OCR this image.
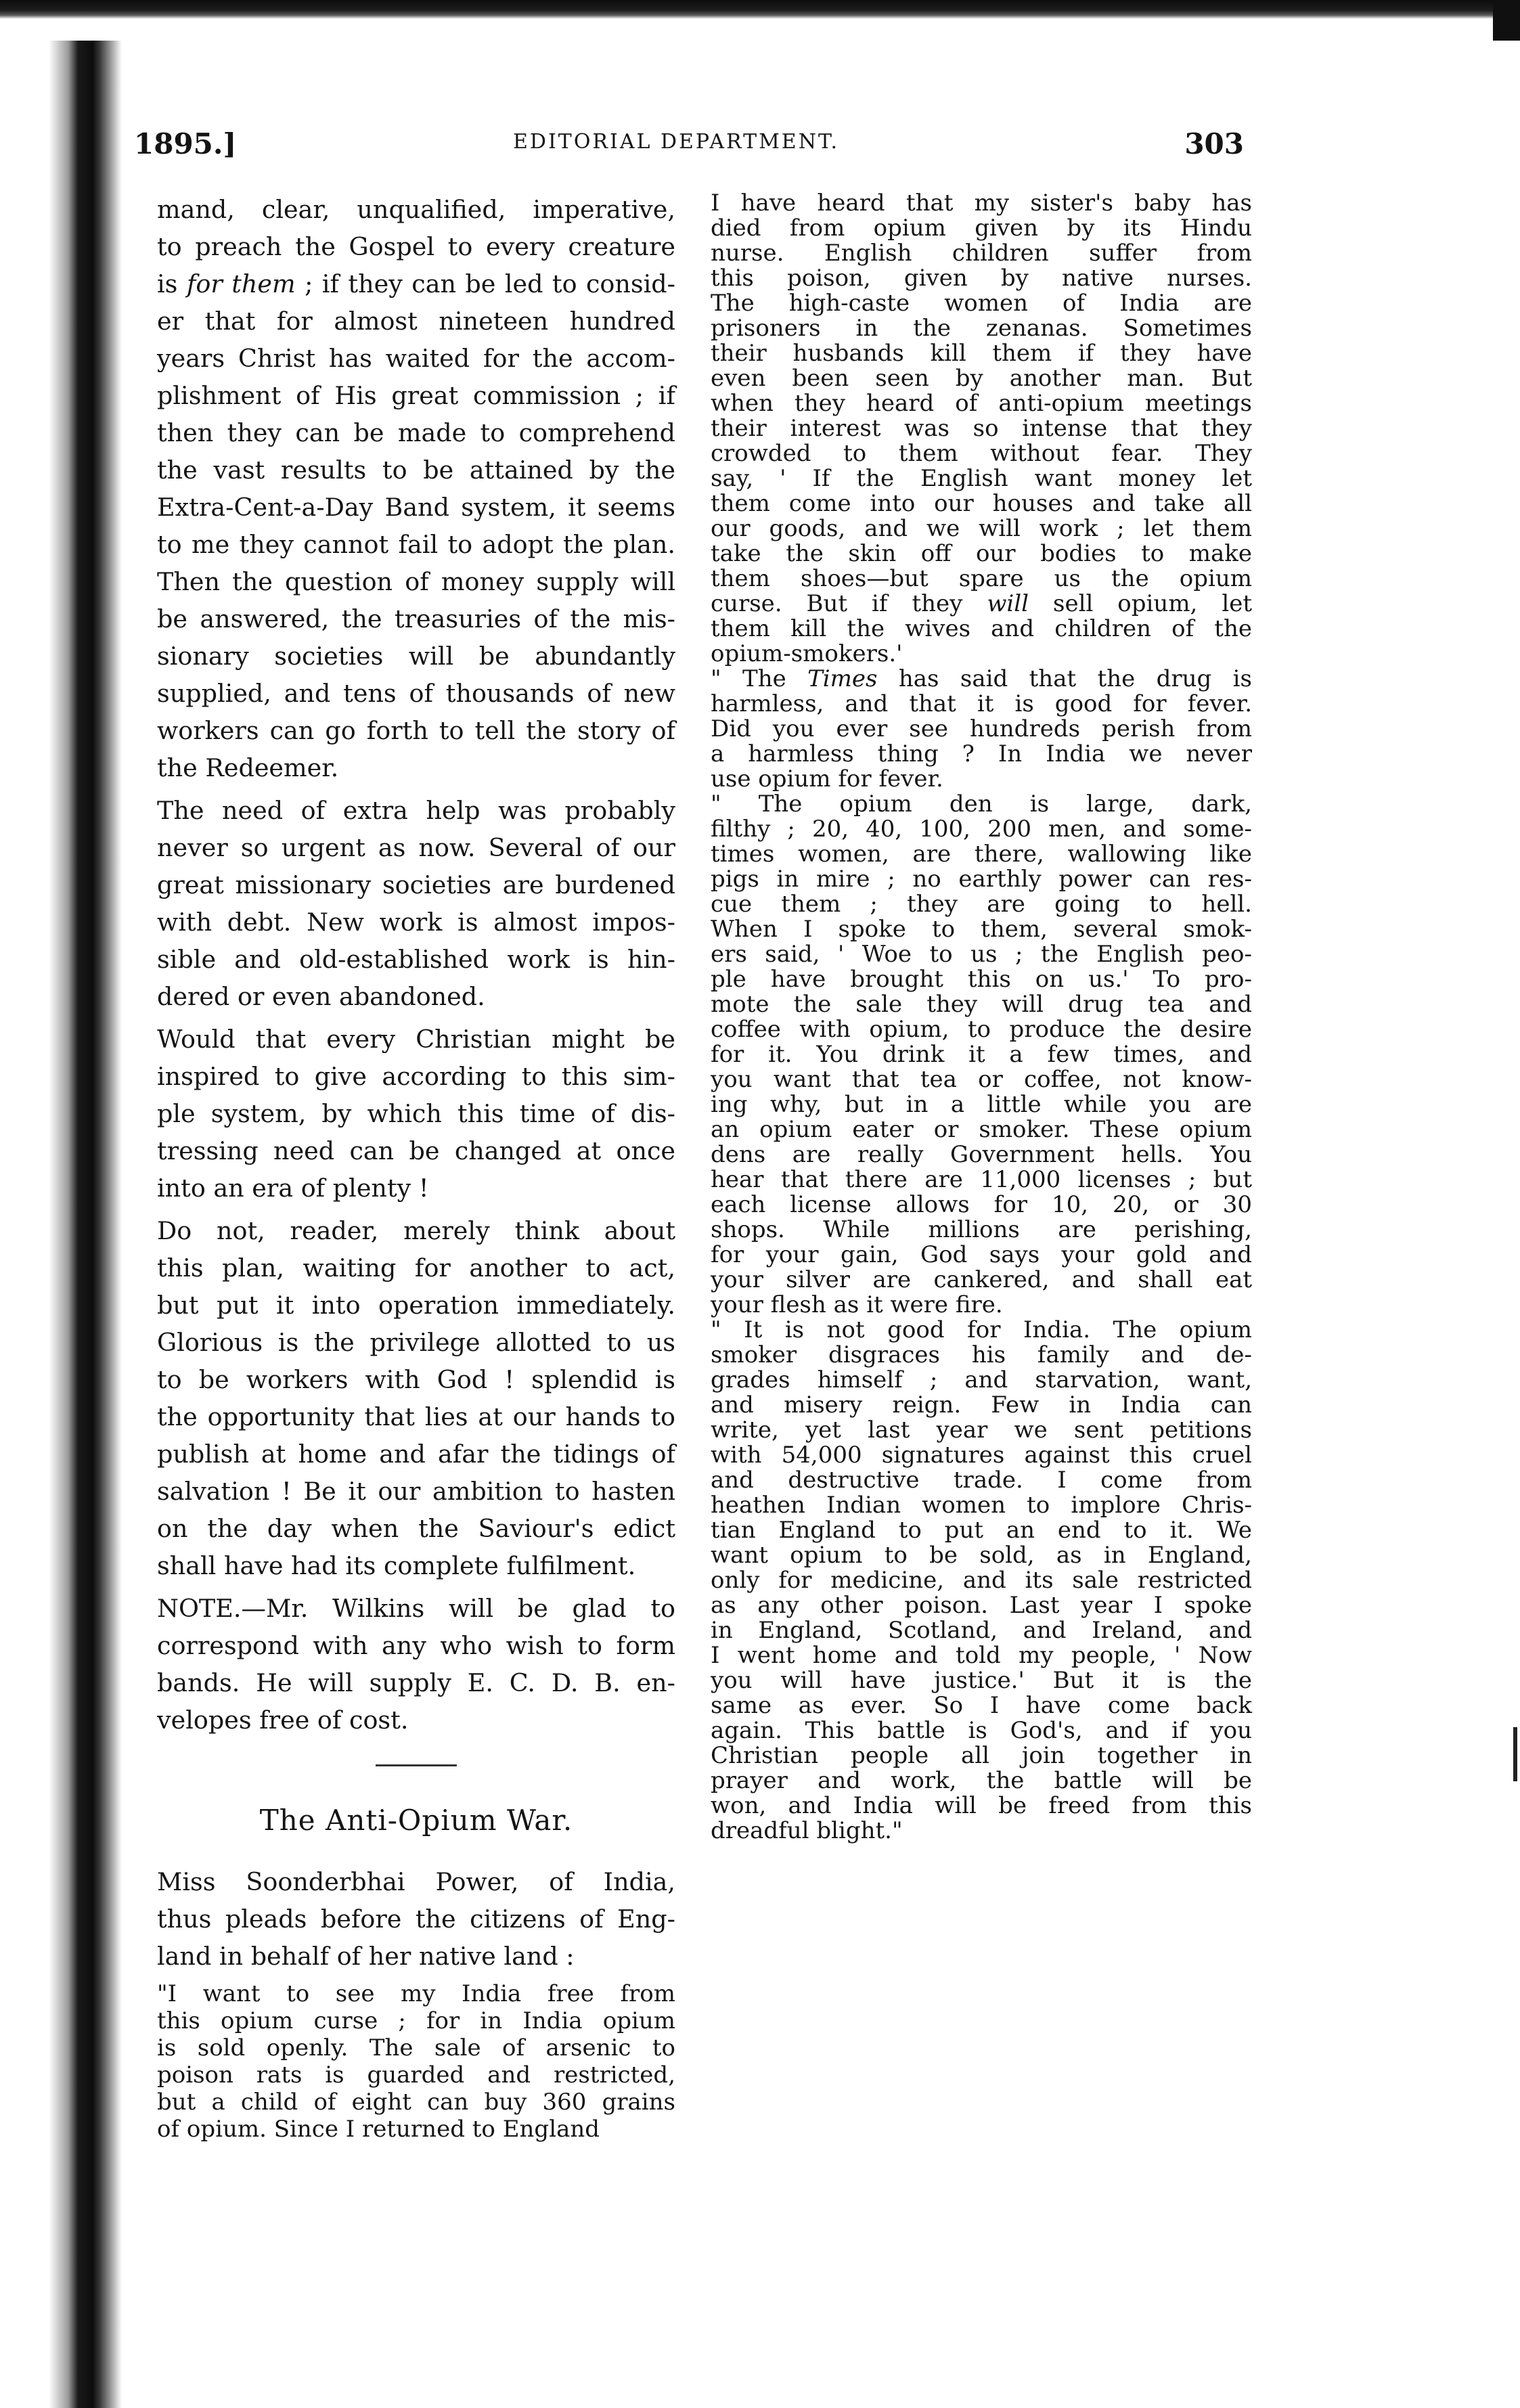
1895.]	EDITORIAL DEPARTMENT.	303

mand, clear, unqualified, imperative,
to preach the Gospel to every creature
is for them ; if they can be led to consid-
er that for almost nineteen hundred
years Christ has waited for the accom-
plishment of His great commission ; if
then they can be made to comprehend
the vast results to be attained by the
Extra-Cent-a-Day Band system, it seems
to me they cannot fail to adopt the plan.
Then the question of money supply will
be answered, the treasuries of the mis-
sionary societies will be abundantly
supplied, and tens of thousands of new
workers can go forth to tell the story of
the Redeemer.

The need of extra help was probably
never so urgent as now. Several of our
great missionary societies are burdened
with debt. New work is almost impos-
sible and old-established work is hin-
dered or even abandoned.

Would that every Christian might be
inspired to give according to this sim-
ple system, by which this time of dis-
tressing need can be changed at once
into an era of plenty !

Do not, reader, merely think about
this plan, waiting for another to act,
but put it into operation immediately.
Glorious is the privilege allotted to us
to be workers with God ! splendid is
the opportunity that lies at our hands to
publish at home and afar the tidings of
salvation ! Be it our ambition to hasten
on the day when the Saviour's edict
shall have had its complete fulfilment.

NOTE.—Mr. Wilkins will be glad to
correspond with any who wish to form
bands. He will supply E. C. D. B. en-
velopes free of cost.

The Anti-Opium War.

Miss Soonderbhai Power, of India,
thus pleads before the citizens of Eng-
land in behalf of her native land :

"I want to see my India free from
this opium curse ; for in India opium
is sold openly. The sale of arsenic to
poison rats is guarded and restricted,
but a child of eight can buy 360 grains
of opium. Since I returned to England

I have heard that my sister's baby has
died from opium given by its Hindu
nurse. English children suffer from
this poison, given by native nurses.
The high-caste women of India are
prisoners in the zenanas. Sometimes
their husbands kill them if they have
even been seen by another man. But
when they heard of anti-opium meetings
their interest was so intense that they
crowded to them without fear. They
say, ' If the English want money let
them come into our houses and take all
our goods, and we will work ; let them
take the skin off our bodies to make
them shoes—but spare us the opium
curse. But if they will sell opium, let
them kill the wives and children of the
opium-smokers.'

" The Times has said that the drug is
harmless, and that it is good for fever.
Did you ever see hundreds perish from
a harmless thing ? In India we never
use opium for fever.

" The opium den is large, dark,
filthy ; 20, 40, 100, 200 men, and some-
times women, are there, wallowing like
pigs in mire ; no earthly power can res-
cue them ; they are going to hell.
When I spoke to them, several smok-
ers said, ' Woe to us ; the English peo-
ple have brought this on us.' To pro-
mote the sale they will drug tea and
coffee with opium, to produce the desire
for it. You drink it a few times, and
you want that tea or coffee, not know-
ing why, but in a little while you are
an opium eater or smoker. These opium
dens are really Government hells. You
hear that there are 11,000 licenses ; but
each license allows for 10, 20, or 30
shops. While millions are perishing,
for your gain, God says your gold and
your silver are cankered, and shall eat
your flesh as it were fire.

" It is not good for India. The opium
smoker disgraces his family and de-
grades himself ; and starvation, want,
and misery reign. Few in India can
write, yet last year we sent petitions
with 54,000 signatures against this cruel
and destructive trade. I come from
heathen Indian women to implore Chris-
tian England to put an end to it. We
want opium to be sold, as in England,
only for medicine, and its sale restricted
as any other poison. Last year I spoke
in England, Scotland, and Ireland, and
I went home and told my people, ' Now
you will have justice.' But it is the
same as ever. So I have come back
again. This battle is God's, and if you
Christian people all join together in
prayer and work, the battle will be
won, and India will be freed from this
dreadful blight."
